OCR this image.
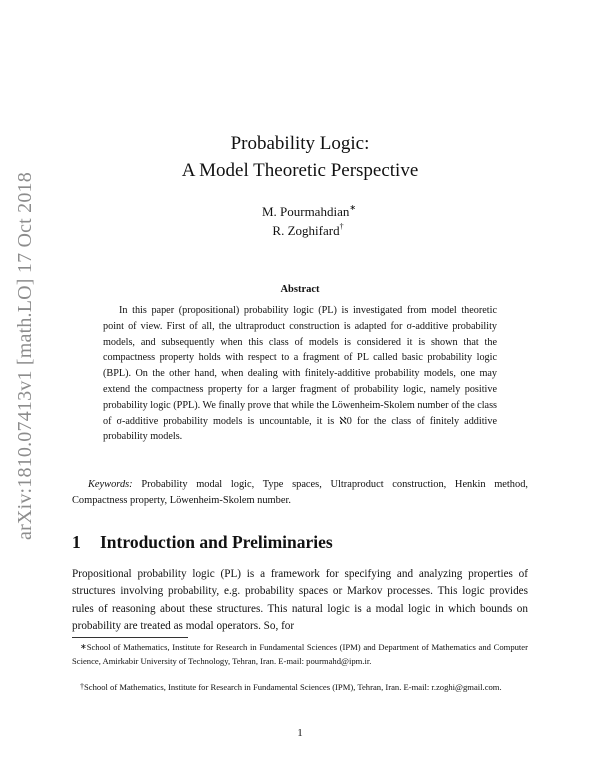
arXiv:1810.07413v1 [math.LO] 17 Oct 2018
Probability Logic:
A Model Theoretic Perspective
M. Pourmahdian∗
R. Zoghifard†
Abstract
In this paper (propositional) probability logic (PL) is investigated from model theoretic point of view. First of all, the ultraproduct construction is adapted for σ-additive probability models, and subsequently when this class of models is considered it is shown that the compactness property holds with respect to a fragment of PL called basic probability logic (BPL). On the other hand, when dealing with finitely-additive probability models, one may extend the compactness property for a larger fragment of probability logic, namely positive probability logic (PPL). We finally prove that while the Löwenheim-Skolem number of the class of σ-additive probability models is uncountable, it is ℵ0 for the class of finitely additive probability models.
Keywords: Probability modal logic, Type spaces, Ultraproduct construction, Henkin method, Compactness property, Löwenheim-Skolem number.
1 Introduction and Preliminaries
Propositional probability logic (PL) is a framework for specifying and analyzing properties of structures involving probability, e.g. probability spaces or Markov processes. This logic provides rules of reasoning about these structures. This natural logic is a modal logic in which bounds on probability are treated as modal operators. So, for
∗School of Mathematics, Institute for Research in Fundamental Sciences (IPM) and Department of Mathematics and Computer Science, Amirkabir University of Technology, Tehran, Iran. E-mail: pourmahd@ipm.ir.
†School of Mathematics, Institute for Research in Fundamental Sciences (IPM), Tehran, Iran. E-mail: r.zoghi@gmail.com.
1
